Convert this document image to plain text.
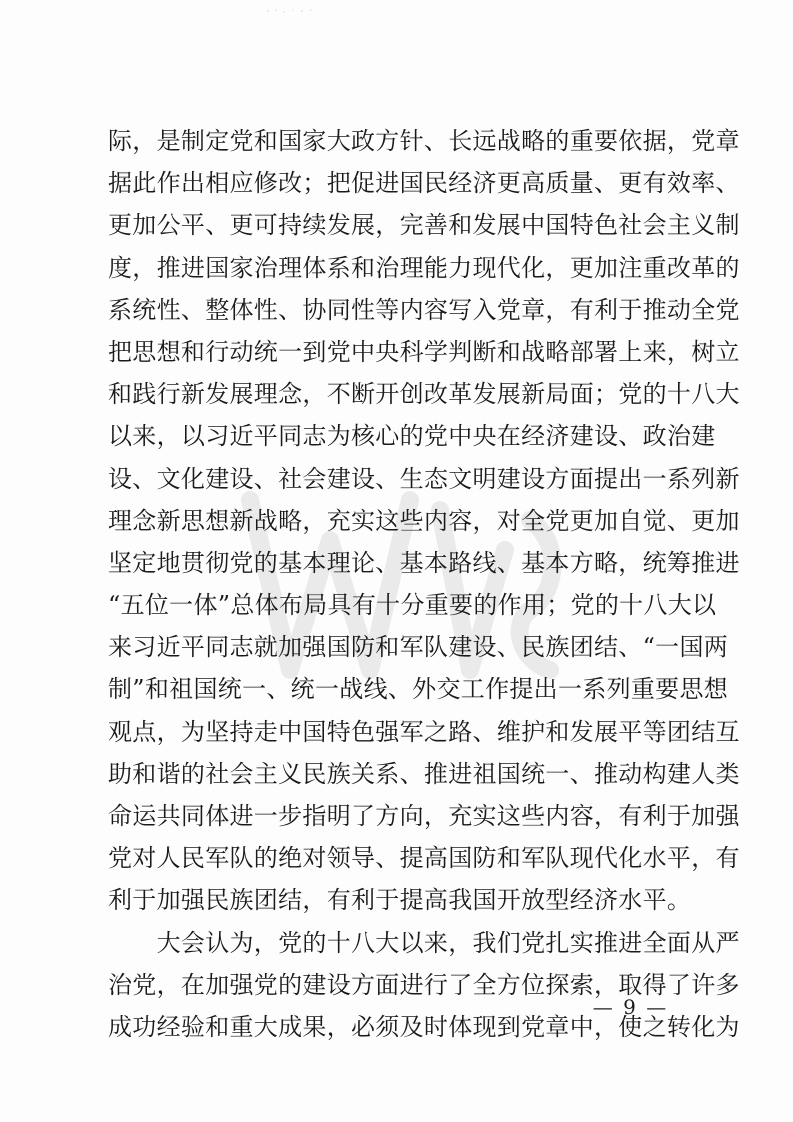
际，是制定党和国家大政方针、长远战略的重要依据，党章
据此作出相应修改；把促进国民经济更高质量、更有效率、
更加公平、更可持续发展，完善和发展中国特色社会主义制
度，推进国家治理体系和治理能力现代化，更加注重改革的
系统性、整体性、协同性等内容写入党章，有利于推动全党
把思想和行动统一到党中央科学判断和战略部署上来，树立
和践行新发展理念，不断开创改革发展新局面；党的十八大
以来，以习近平同志为核心的党中央在经济建设、政治建
设、文化建设、社会建设、生态文明建设方面提出一系列新
理念新思想新战略，充实这些内容，对全党更加自觉、更加
坚定地贯彻党的基本理论、基本路线、基本方略，统筹推进
“五位一体”总体布局具有十分重要的作用；党的十八大以
来习近平同志就加强国防和军队建设、民族团结、“一国两
制”和祖国统一、统一战线、外交工作提出一系列重要思想
观点，为坚持走中国特色强军之路、维护和发展平等团结互
助和谐的社会主义民族关系、推进祖国统一、推动构建人类
命运共同体进一步指明了方向，充实这些内容，有利于加强
党对人民军队的绝对领导、提高国防和军队现代化水平，有
利于加强民族团结，有利于提高我国开放型经济水平。

　　大会认为，党的十八大以来，我们党扎实推进全面从严
治党，在加强党的建设方面进行了全方位探索，取得了许多
成功经验和重大成果，必须及时体现到党章中，使之转化为

— 9 —
